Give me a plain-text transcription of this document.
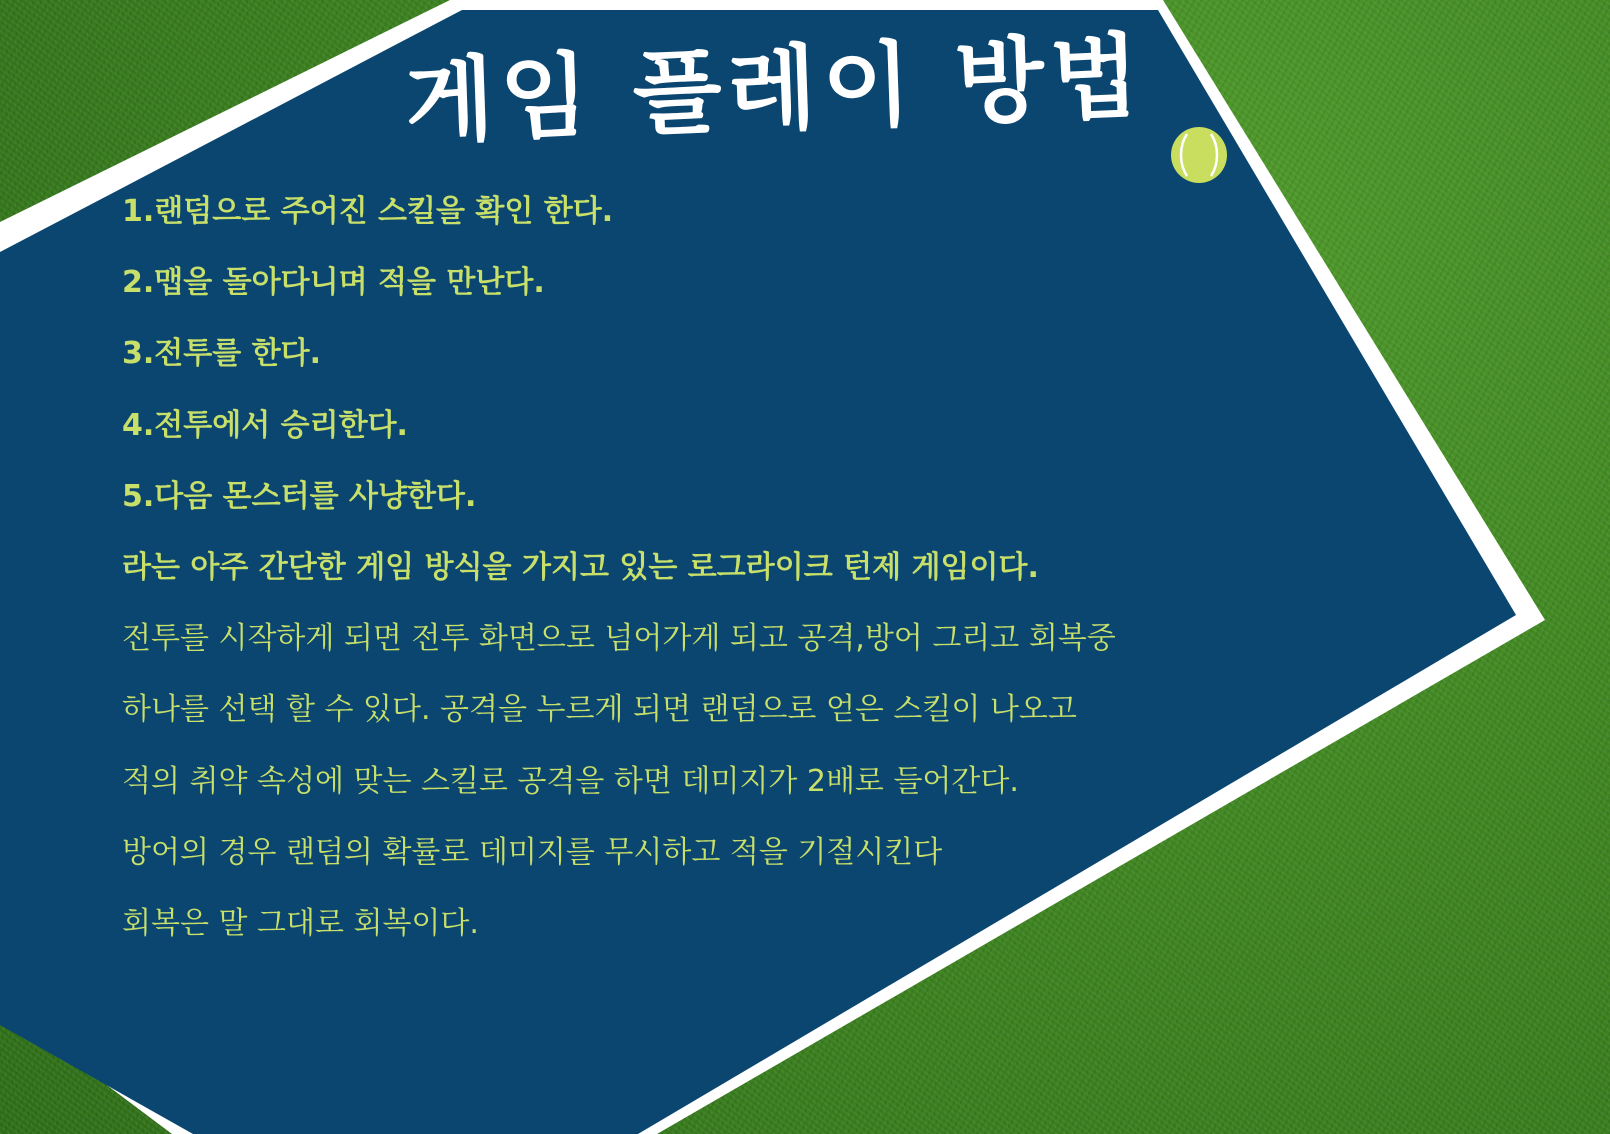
게임 플레이 방법

1.랜덤으로 주어진 스킬을 확인 한다.

2.맵을 돌아다니며 적을 만난다.

3.전투를 한다.

4.전투에서 승리한다.

5.다음 몬스터를 사냥한다.

라는 아주 간단한 게임 방식을 가지고 있는 로그라이크 턴제 게임이다.

전투를 시작하게 되면 전투 화면으로 넘어가게 되고 공격,방어 그리고 회복중

하나를 선택 할 수 있다. 공격을 누르게 되면 랜덤으로 얻은 스킬이 나오고

적의 취약 속성에 맞는 스킬로 공격을 하면 데미지가 2배로 들어간다.

방어의 경우 랜덤의 확률로 데미지를 무시하고 적을 기절시킨다

회복은 말 그대로 회복이다.
